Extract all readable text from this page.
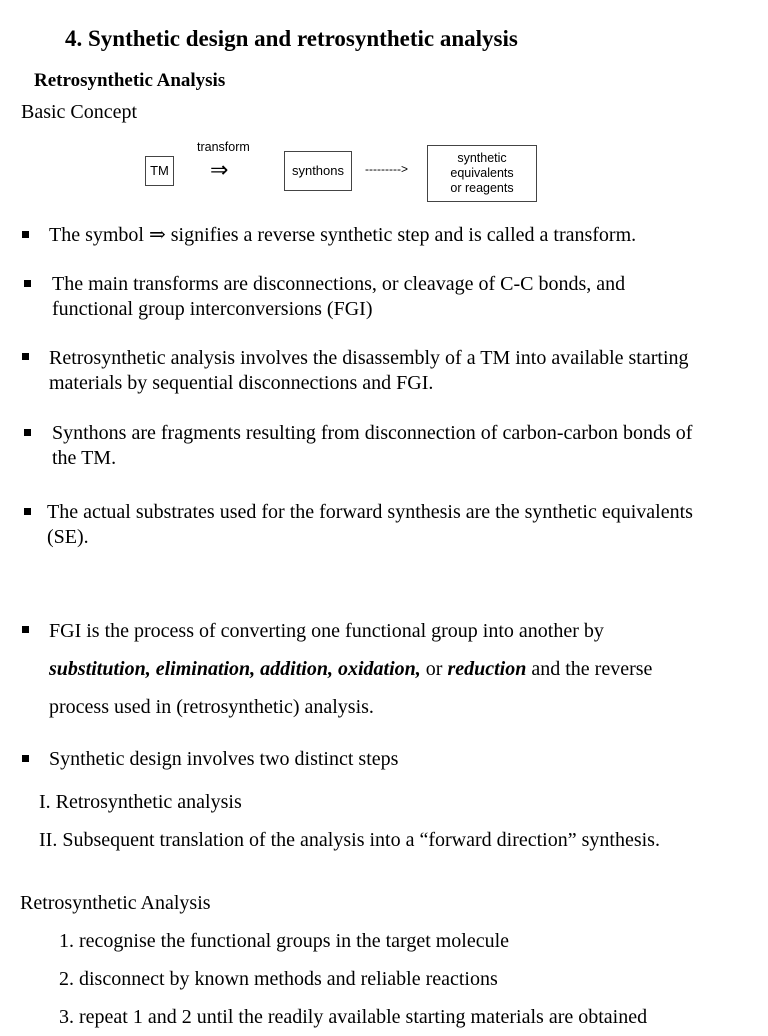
4. Synthetic design and retrosynthetic analysis
Retrosynthetic Analysis
Basic Concept
TM
transform
⇒	synthons	--------->
synthetic
equivalents
or reagents
The symbol ⇒ signifies a reverse synthetic step and is called a transform.
The main transforms are disconnections, or cleavage of C-C bonds, and
functional group interconversions (FGI)
Retrosynthetic analysis involves the disassembly of a TM into available starting
materials by sequential disconnections and FGI.
Synthons are fragments resulting from disconnection of carbon-carbon bonds of
the TM.
The actual substrates used for the forward synthesis are the synthetic equivalents
(SE).
FGI is the process of converting one functional group into another by
substitution, elimination, addition, oxidation, or reduction and the reverse
process used in (retrosynthetic) analysis.
Synthetic design involves two distinct steps
I. Retrosynthetic analysis
II. Subsequent translation of the analysis into a “forward direction” synthesis.
Retrosynthetic Analysis
1. recognise the functional groups in the target molecule
2. disconnect by known methods and reliable reactions
3. repeat 1 and 2 until the readily available starting materials are obtained
